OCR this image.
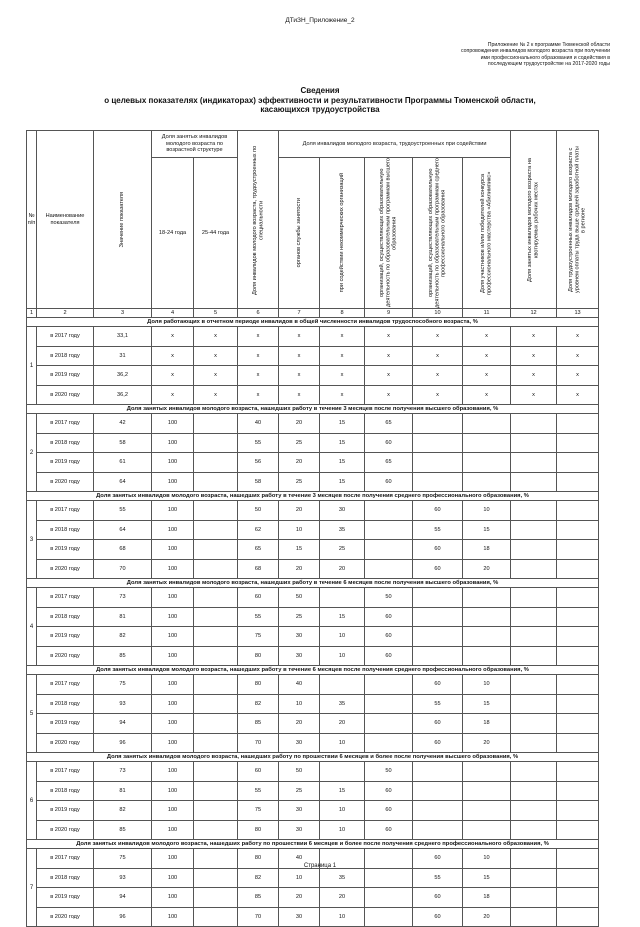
ДТиЗН_Приложение_2
Приложение № 2 к программе Тюменской области сопровождения инвалидов молодого возраста при получении ими профессионального образования и содействия в последующем трудоустройстве на 2017-2020 годы
Сведения
о целевых показателях (индикаторах) эффективности и результативности Программы Тюменской области,
касающихся трудоустройства
№ п/п	Наименование показателя	Значение показателя	Доля занятых инвалидов молодого возраста по возрастной структуре		Доля инвалидов молодого возраста, трудоустроенных по специальности	Доля инвалидов молодого возраста, трудоустроенных при содействии					Доля занятых инвалидов молодого возраста на квотируемых рабочих местах	Доля трудоустроенных инвалидов молодого возраста с уровнем оплаты труда выше средней заработной платы в регионе

			18-24 года	25-44 года		органов службы занятости	при содействии некоммерческих организаций	организаций, осуществляющих образовательную деятельность по образовательным программам высшего образования	организаций, осуществляющих образовательную деятельность по образовательным программам среднего профессионального образования	Доля участников и/или победителей конкурса профессионального мастерства «Абилимпикс»		

1	2	3	4	5	6	7	8	9	10	11	12	13
Доля работающих в отчетном периоде инвалидов в общей численности инвалидов трудоспособного возраста, %												
1	в 2017 году	33,1	x	x	x	x	x	x	x	x	x	x
	в 2018 году	31	x	x	x	x	x	x	x	x	x	x
	в 2019 году	36,2	x	x	x	x	x	x	x	x	x	x
	в 2020 году	36,2	x	x	x	x	x	x	x	x	x	x
Доля занятых инвалидов молодого возраста, нашедших работу в течение 3 месяцев после получения высшего образования, %												
2	в 2017 году	42	100		40	20	15	65				
	в 2018 году	58	100		55	25	15	60				
	в 2019 году	61	100		56	20	15	65				
	в 2020 году	64	100		58	25	15	60				
Доля занятых инвалидов молодого возраста, нашедших работу в течение 3 месяцев после получения среднего профессионального образования, %												
3	в 2017 году	55	100		50	20	30		60	10		
	в 2018 году	64	100		62	10	35		55	15		
	в 2019 году	68	100		65	15	25		60	18		
	в 2020 году	70	100		68	20	20		60	20		
Доля занятых инвалидов молодого возраста, нашедших работу в течение 6 месяцев после получения высшего образования, %												
4	в 2017 году	73	100		60	50		50				
	в 2018 году	81	100		55	25	15	60				
	в 2019 году	82	100		75	30	10	60				
	в 2020 году	85	100		80	30	10	60				
Доля занятых инвалидов молодого возраста, нашедших работу в течение 6 месяцев после получения среднего профессионального образования, %												
5	в 2017 году	75	100		80	40			60	10		
	в 2018 году	93	100		82	10	35		55	15		
	в 2019 году	94	100		85	20	20		60	18		
	в 2020 году	96	100		70	30	10		60	20		
Доля занятых инвалидов молодого возраста, нашедших работу по прошествии 6 месяцев и более после получения высшего образования, %												
6	в 2017 году	73	100		60	50		50				
	в 2018 году	81	100		55	25	15	60				
	в 2019 году	82	100		75	30	10	60				
	в 2020 году	85	100		80	30	10	60				
Доля занятых инвалидов молодого возраста, нашедших работу по прошествии 6 месяцев и более после получения среднего профессионального образования, %												
7	в 2017 году	75	100		80	40			60	10		
	в 2018 году	93	100		82	10	35		55	15		
	в 2019 году	94	100		85	20	20		60	18		
	в 2020 году	96	100		70	30	10		60	20		
Страница 1
